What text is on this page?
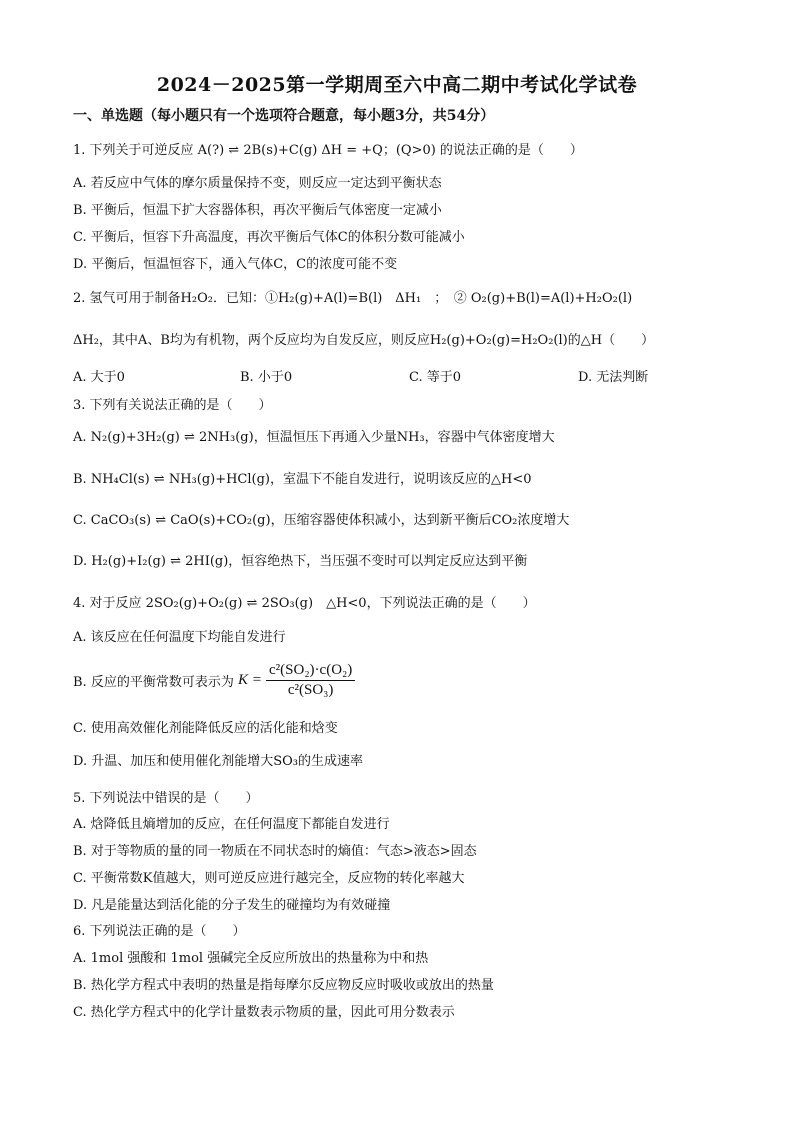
2024－2025第一学期周至六中高二期中考试化学试卷
一、单选题（每小题只有一个选项符合题意，每小题3分，共54分）
1. 下列关于可逆反应 A(?) ⇌ 2B(s)+C(g) ΔH = +Q；(Q>0) 的说法正确的是（　　）
A. 若反应中气体的摩尔质量保持不变，则反应一定达到平衡状态
B. 平衡后，恒温下扩大容器体积，再次平衡后气体密度一定减小
C. 平衡后，恒容下升高温度，再次平衡后气体C的体积分数可能减小
D. 平衡后，恒温恒容下，通入气体C，C的浓度可能不变
2. 氢气可用于制备H₂O₂．已知：①H₂(g)+A(l)=B(l)　ΔH₁　；　② O₂(g)+B(l)=A(l)+H₂O₂(l)
ΔH₂，其中A、B均为有机物，两个反应均为自发反应，则反应H₂(g)+O₂(g)=H₂O₂(l)的△H（　　）
A. 大于0	B. 小于0	C. 等于0	D. 无法判断
3. 下列有关说法正确的是（　　）
A. N₂(g)+3H₂(g) ⇌ 2NH₃(g)，恒温恒压下再通入少量NH₃，容器中气体密度增大
B. NH₄Cl(s) ⇌ NH₃(g)+HCl(g)，室温下不能自发进行，说明该反应的△H<0
C. CaCO₃(s) ⇌ CaO(s)+CO₂(g)，压缩容器使体积减小，达到新平衡后CO₂浓度增大
D. H₂(g)+I₂(g) ⇌ 2HI(g)，恒容绝热下，当压强不变时可以判定反应达到平衡
4. 对于反应 2SO₂(g)+O₂(g) ⇌ 2SO₃(g)　△H<0，下列说法正确的是（　　）
A. 该反应在任何温度下均能自发进行
B. 反应的平衡常数可表示为 $K = \frac{\text{c²(SO₂)·c(O₂)}}{\text{c²(SO₃)}}$
C. 使用高效催化剂能降低反应的活化能和焓变
D. 升温、加压和使用催化剂能增大SO₃的生成速率
5. 下列说法中错误的是（　　）
A. 焓降低且熵增加的反应，在任何温度下都能自发进行
B. 对于等物质的量的同一物质在不同状态时的熵值：气态>液态>固态
C. 平衡常数K值越大，则可逆反应进行越完全，反应物的转化率越大
D. 凡是能量达到活化能的分子发生的碰撞均为有效碰撞
6. 下列说法正确的是（　　）
A. 1mol 强酸和 1mol 强碱完全反应所放出的热量称为中和热
B. 热化学方程式中表明的热量是指每摩尔反应物反应时吸收或放出的热量
C. 热化学方程式中的化学计量数表示物质的量，因此可用分数表示
